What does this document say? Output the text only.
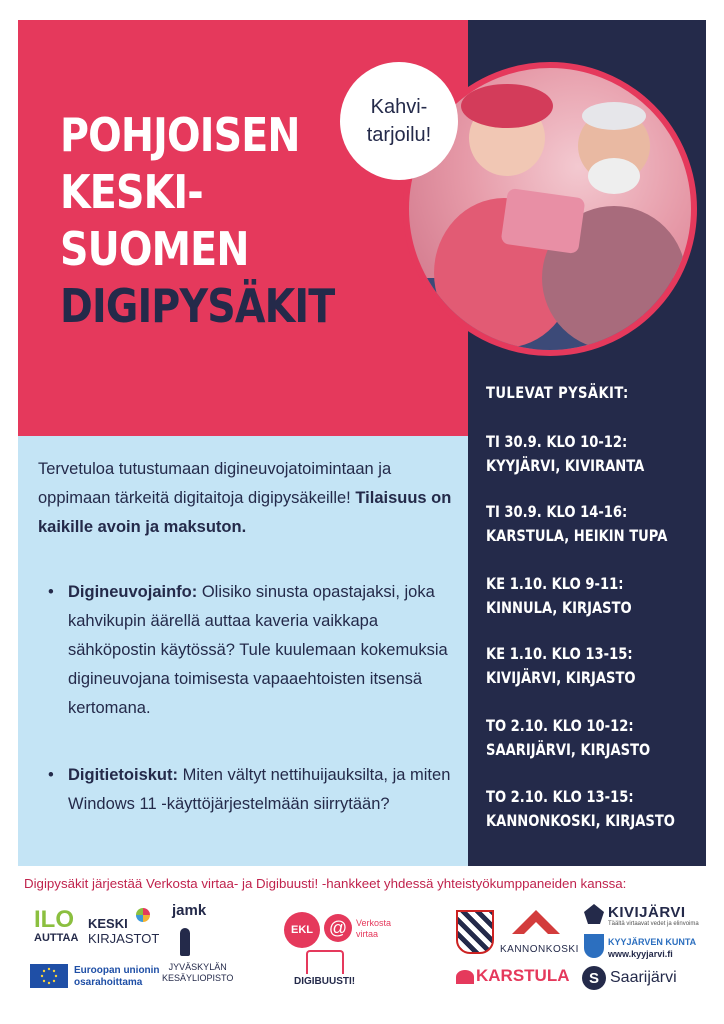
POHJOISEN
KESKI-
SUOMEN
DIGIPYSÄKIT
Kahvi-
tarjoilu!
TULEVAT PYSÄKIT:
TI 30.9. KLO 10-12:
KYYJÄRVI, KIVIRANTA
TI 30.9. KLO 14-16:
KARSTULA, HEIKIN TUPA
KE 1.10. KLO 9-11:
KINNULA, KIRJASTO
KE 1.10. KLO 13-15:
KIVIJÄRVI, KIRJASTO
TO 2.10. KLO 10-12:
SAARIJÄRVI, KIRJASTO
TO 2.10. KLO 13-15:
KANNONKOSKI, KIRJASTO
Tervetuloa tutustumaan digineuvojatoimintaan ja oppimaan tärkeitä digitaitoja digipysäkeille! Tilaisuus on kaikille avoin ja maksuton.
• Digineuvojainfo: Olisiko sinusta opastajaksi, joka kahvikupin äärellä auttaa kaveria vaikkapa sähköpostin käytössä? Tule kuulemaan kokemuksia digineuvojana toimisesta vapaaehtoisten itsensä kertomana.
• Digitietoiskut: Miten vältyt nettihuijauksilta, ja miten Windows 11 -käyttöjärjestelmään siirrytään?
Digipysäkit järjestää Verkosta virtaa- ja Digibuusti! -hankkeet yhdessä yhteistyökumppaneiden kanssa:
ILO
AUTTAA
KESKI
KIRJASTOT
jamk
JYVÄSKYLÄN
KESÄYLIOPISTO
Euroopan unionin
osarahoittama
EKL @ Verkosta
virtaa
DIGIBUUSTI!
KANNONKOSKI
KARSTULA
KIVIJÄRVI
Täältä virtaavat vedet ja elinvoima
KYYJÄRVEN KUNTA
www.kyyjarvi.fi
S Saarijärvi
